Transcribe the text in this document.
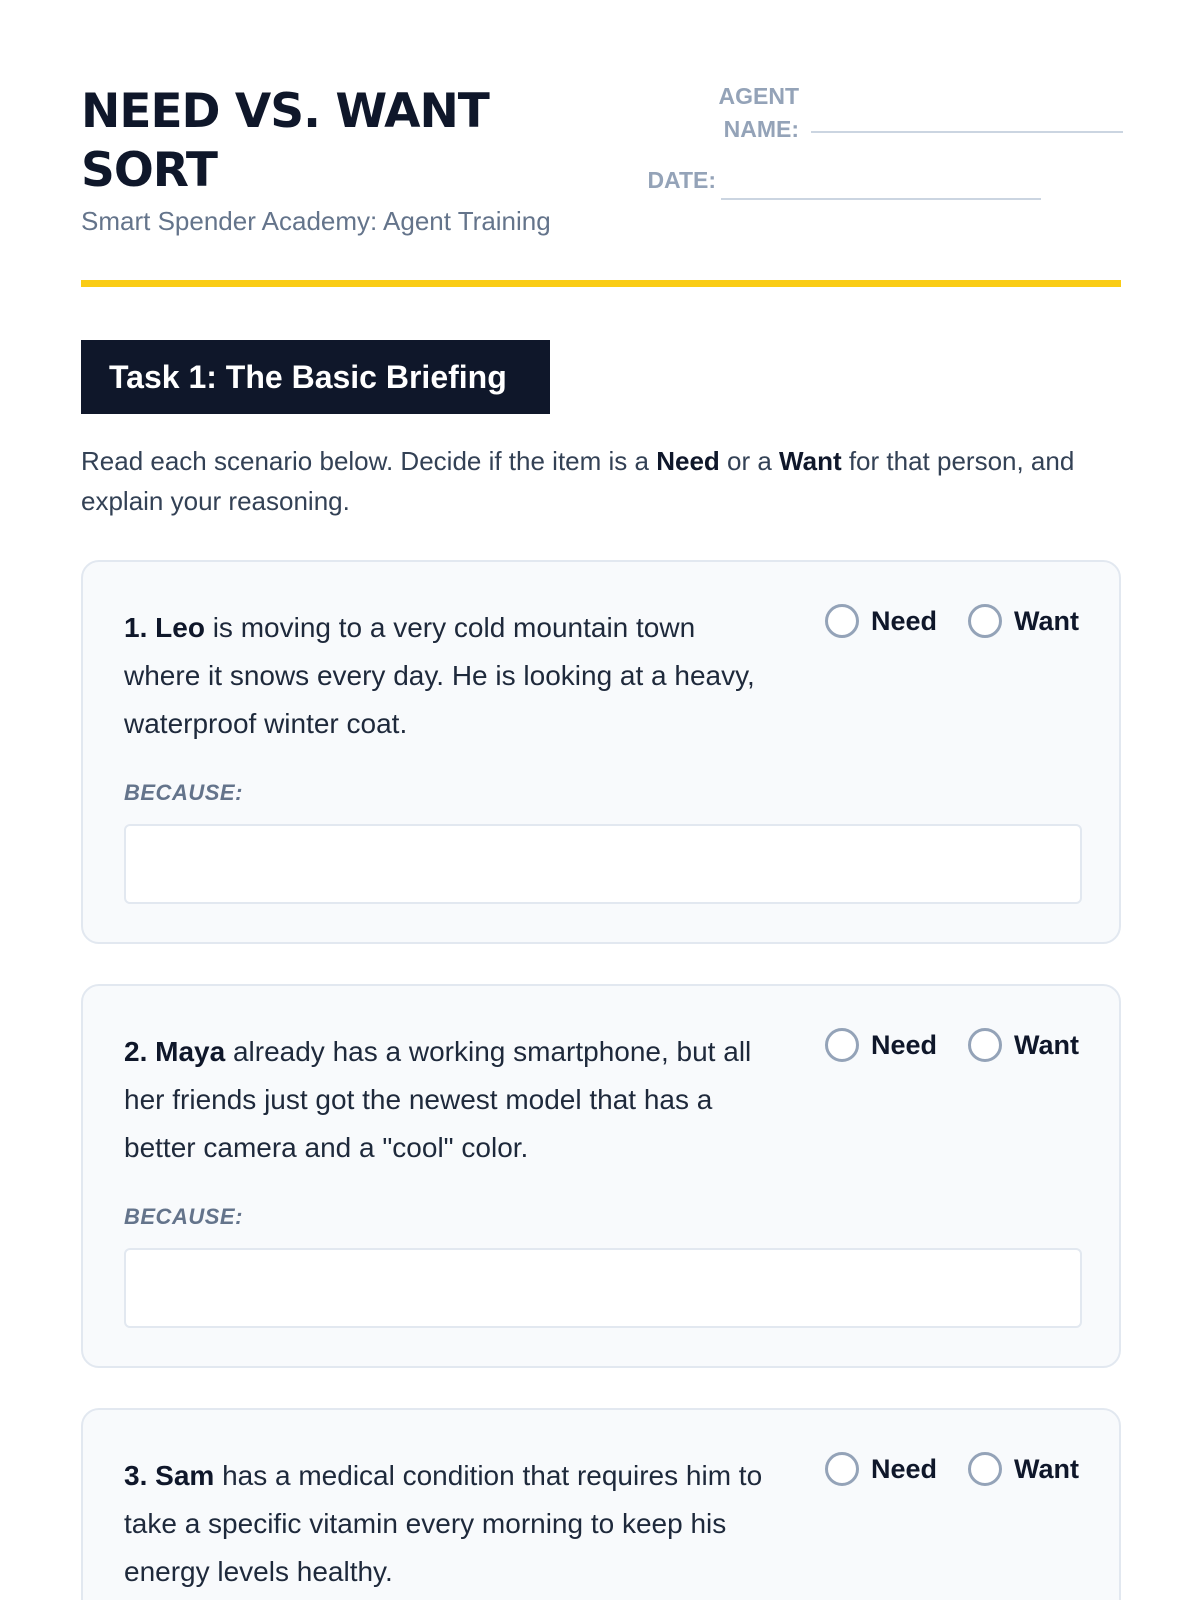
NEED VS. WANT SORT
Smart Spender Academy: Agent Training
AGENT NAME:
DATE:
Task 1: The Basic Briefing

Read each scenario below. Decide if the item is a Need or a Want for that person, and explain your reasoning.

1. Leo is moving to a very cold mountain town where it snows every day. He is looking at a heavy, waterproof winter coat.

Need	Want
BECAUSE:

2. Maya already has a working smartphone, but all her friends just got the newest model that has a better camera and a "cool" color.

Need	Want
BECAUSE:

3. Sam has a medical condition that requires him to take a specific vitamin every morning to keep his energy levels healthy.

Need	Want
